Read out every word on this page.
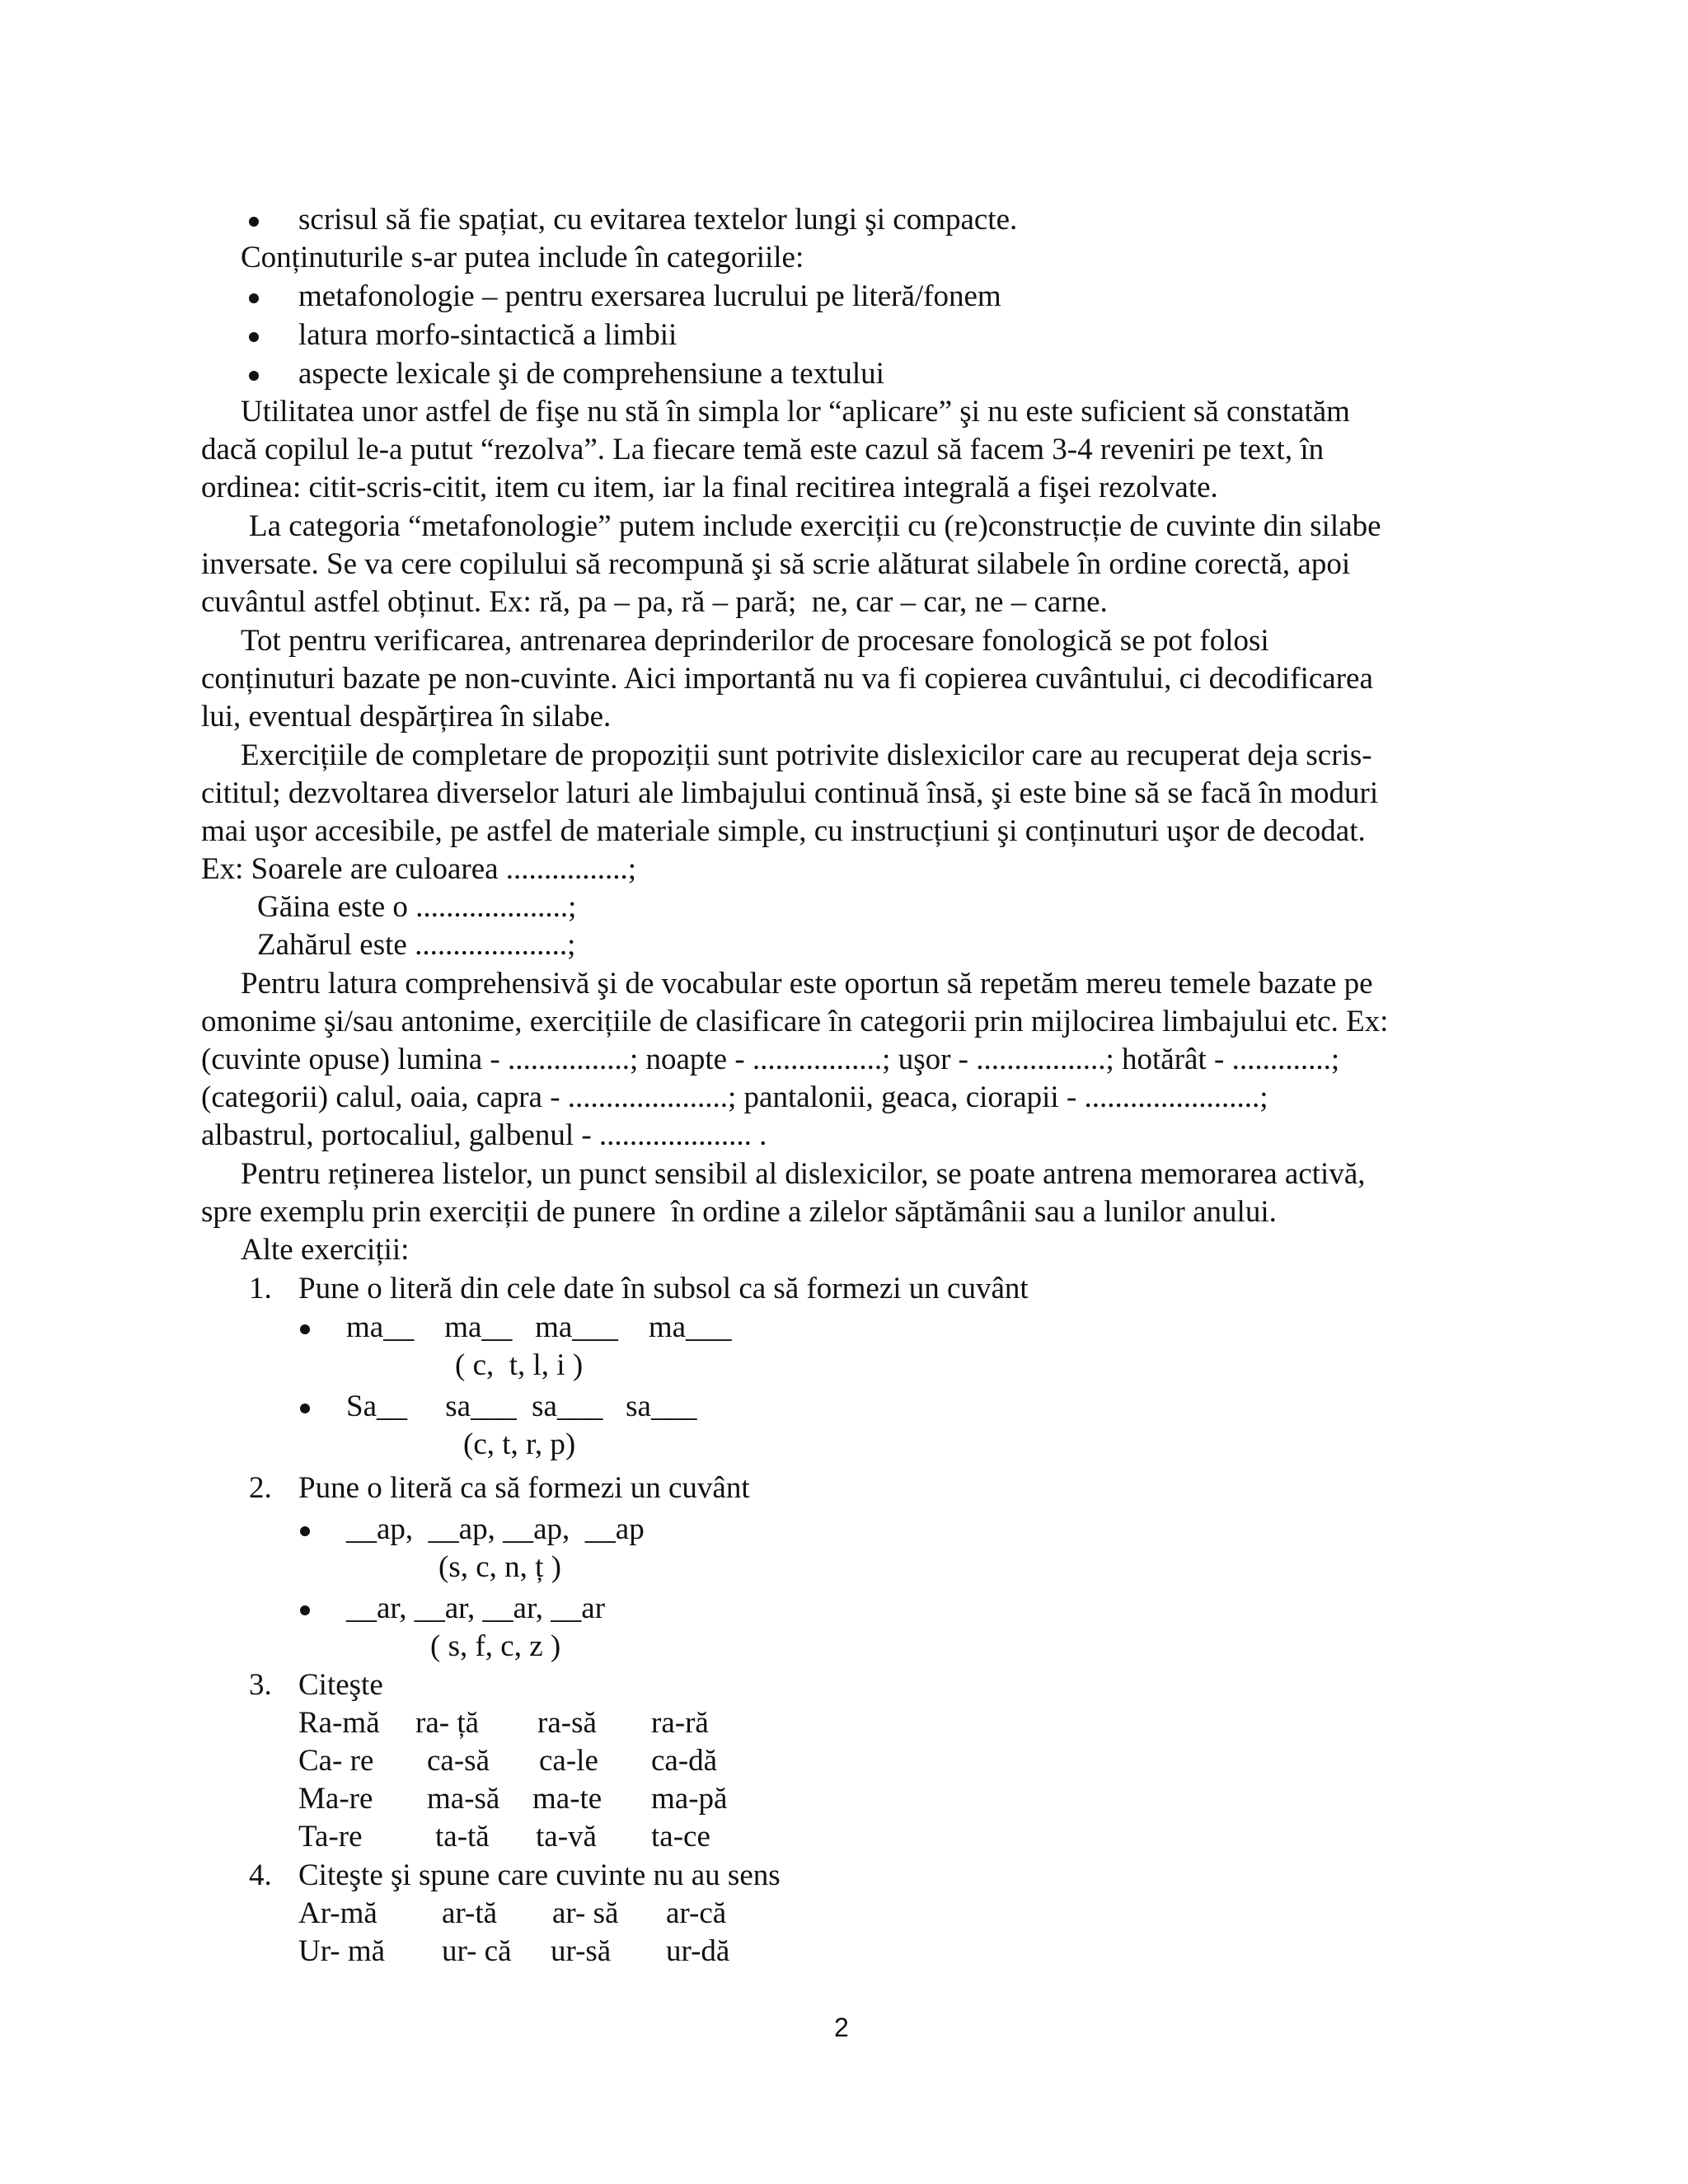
scrisul să fie spațiat, cu evitarea textelor lungi şi compacte.
Conținuturile s-ar putea include în categoriile:
metafonologie – pentru exersarea lucrului pe literă/fonem
latura morfo-sintactică a limbii
aspecte lexicale şi de comprehensiune a textului
Utilitatea unor astfel de fişe nu stă în simpla lor “aplicare” şi nu este suficient să constatăm
dacă copilul le-a putut “rezolva”. La fiecare temă este cazul să facem 3-4 reveniri pe text, în
ordinea: citit-scris-citit, item cu item, iar la final recitirea integrală a fişei rezolvate.
La categoria “metafonologie” putem include exerciții cu (re)construcție de cuvinte din silabe
inversate. Se va cere copilului să recompună şi să scrie alăturat silabele în ordine corectă, apoi
cuvântul astfel obținut. Ex: ră, pa – pa, ră – pară;  ne, car – car, ne – carne.
Tot pentru verificarea, antrenarea deprinderilor de procesare fonologică se pot folosi
conținuturi bazate pe non-cuvinte. Aici importantă nu va fi copierea cuvântului, ci decodificarea
lui, eventual despărțirea în silabe.
Exercițiile de completare de propoziții sunt potrivite dislexicilor care au recuperat deja scris-
cititul; dezvoltarea diverselor laturi ale limbajului continuă însă, şi este bine să se facă în moduri
mai uşor accesibile, pe astfel de materiale simple, cu instrucțiuni şi conținuturi uşor de decodat.
Ex: Soarele are culoarea ................;
Găina este o ....................;
Zahărul este ....................;
Pentru latura comprehensivă şi de vocabular este oportun să repetăm mereu temele bazate pe
omonime şi/sau antonime, exercițiile de clasificare în categorii prin mijlocirea limbajului etc. Ex:
(cuvinte opuse) lumina - ................; noapte - .................; uşor - .................; hotărât - .............;
(categorii) calul, oaia, capra - .....................; pantalonii, geaca, ciorapii - .......................;
albastrul, portocaliul, galbenul - .................... .
Pentru reținerea listelor, un punct sensibil al dislexicilor, se poate antrena memorarea activă,
spre exemplu prin exerciții de punere  în ordine a zilelor săptămânii sau a lunilor anului.
Alte exerciții:
1. Pune o literă din cele date în subsol ca să formezi un cuvânt
ma__    ma__   ma___    ma___
( c,  t, l, i )
Sa__     sa___  sa___   sa___
(c, t, r, p)
2. Pune o literă ca să formezi un cuvânt
__ap,  __ap, __ap,  __ap
(s, c, n, ț )
__ar, __ar, __ar, __ar
( s, f, c, z )
3. Citeşte
Ra-mă ra- ță ra-să ra-ră
Ca- re ca-să ca-le ca-dă
Ma-re ma-să ma-te ma-pă
Ta-re ta-tă ta-vă ta-ce
4. Citeşte şi spune care cuvinte nu au sens
Ar-mă ar-tă ar- să ar-că
Ur- mă ur- că ur-să ur-dă
2
